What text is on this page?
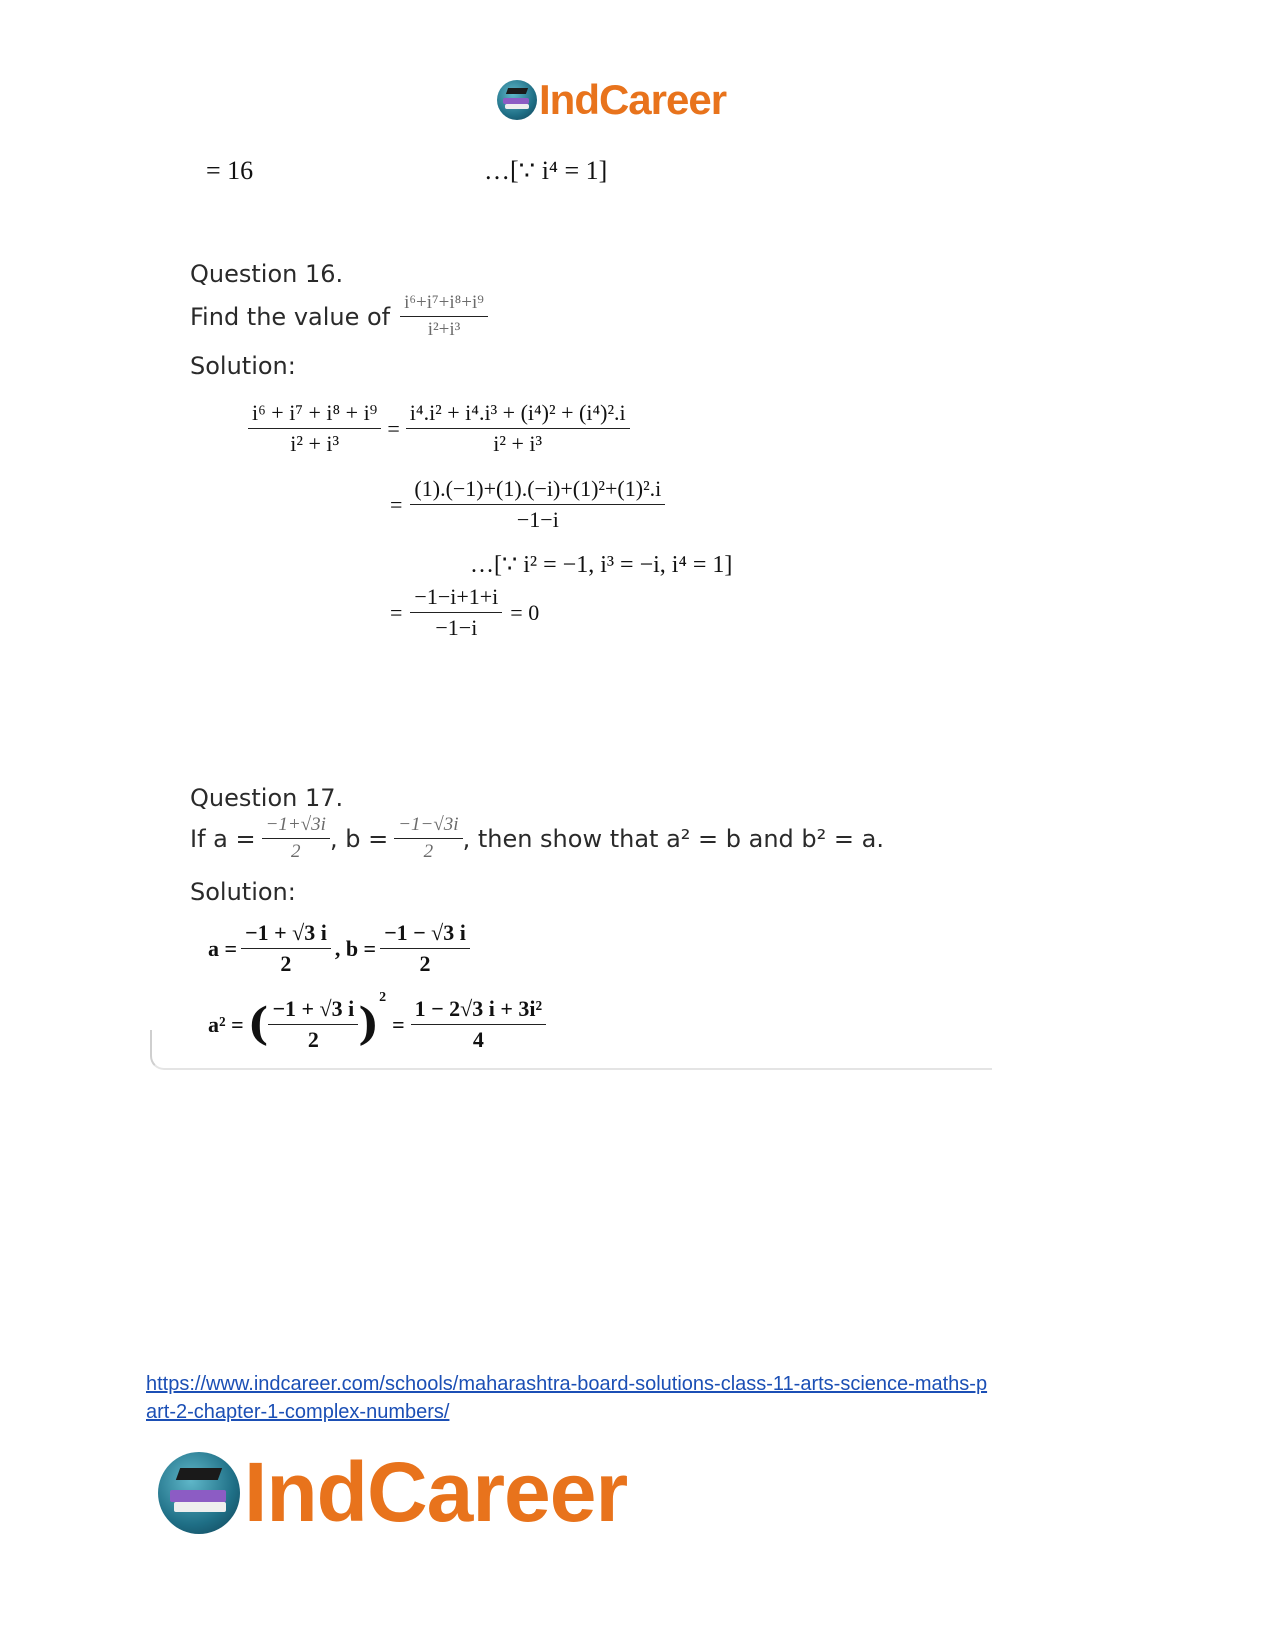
IndCareer
= 16	…[∵ i⁴ = 1]
Question 16.
Find the value of $\frac{\text{i⁶+i⁷+i⁸+i⁹}}{\text{i²+i³}}$
Solution:
$\frac{\text{i⁶ + i⁷ + i⁸ + i⁹}}{\text{i² + i³}} = \frac{\text{i⁴.i² + i⁴.i³ + (i⁴)² + (i⁴)².i}}{\text{i² + i³}}$
= $\frac{\text{(1).(−1)+(1).(−i)+(1)²+(1)².i}}{-1-i}$
…[∵ i² = −1, i³ = −i, i⁴ = 1]
= $\frac{-1-i+1+i}{-1-i} = 0$
Question 17.
If $a = \frac{-1+√3i}{2}$ , $b = \frac{-1-√3i}{2}$ , then show that a² = b and b² = a.
Solution:
$a = \frac{-1 + √3 i}{2}$ , $b = \frac{-1 - √3 i}{2}$
a² = ( $\frac{-1 + √3 i}{2}$ )
2
= $\frac{\text{1 − 2√3 i + 3i²}}{4}$
https://www.indcareer.com/schools/maharashtra-board-solutions-class-11-arts-science-maths-p
art-2-chapter-1-complex-numbers/
IndCareer
